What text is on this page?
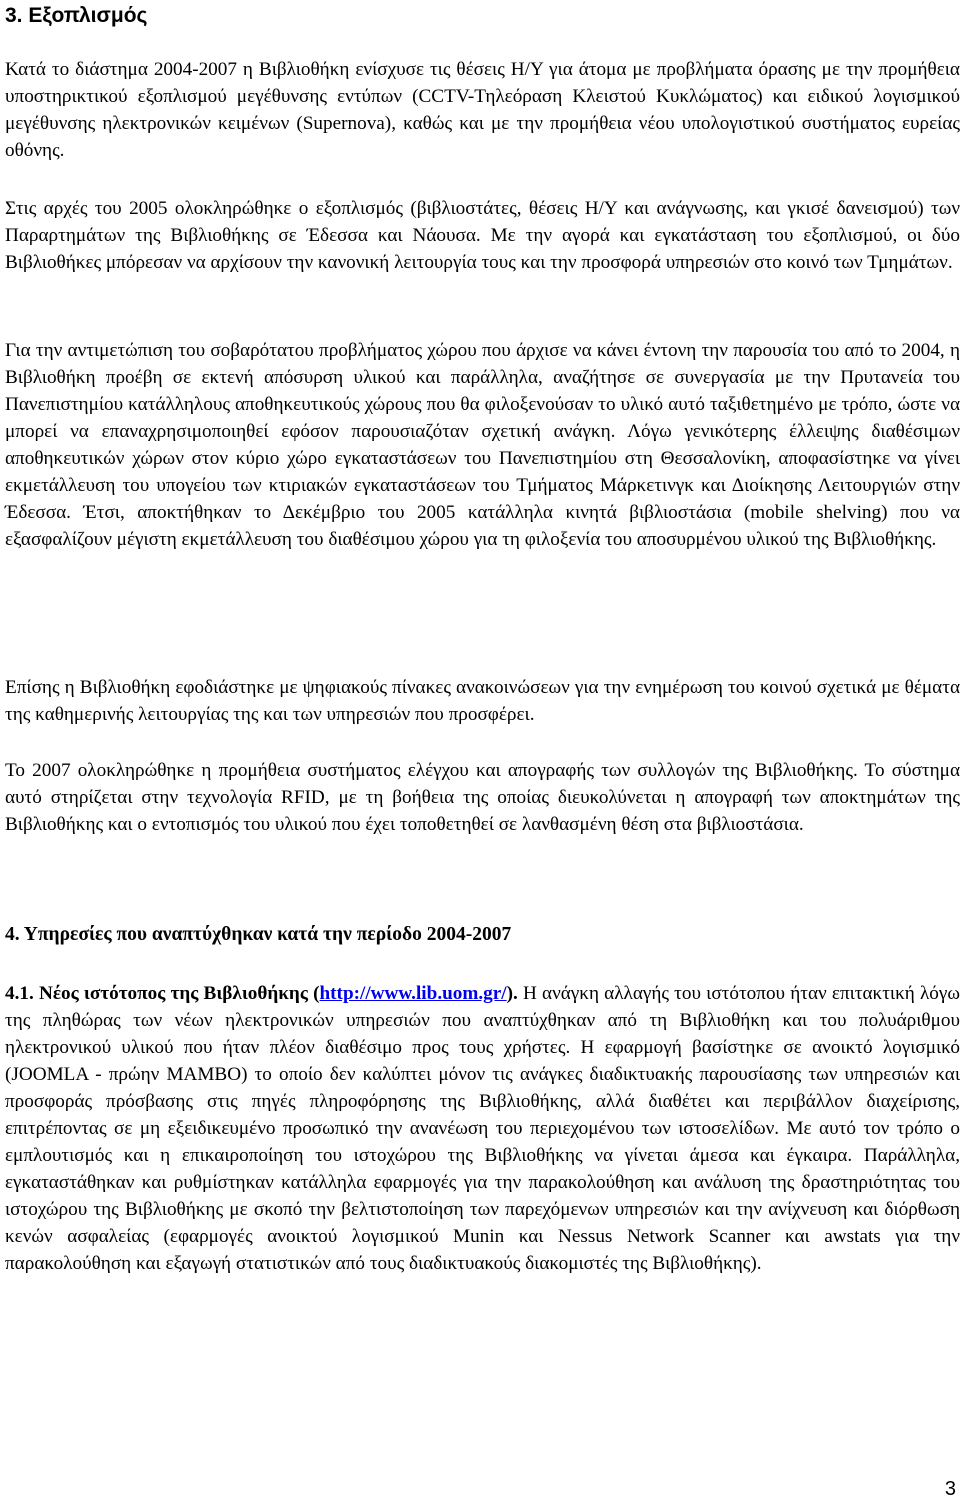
3. Εξοπλισμός

Κατά το διάστημα 2004-2007 η Βιβλιοθήκη ενίσχυσε τις θέσεις Η/Υ για άτομα με προβλήματα όρασης με την προμήθεια υποστηρικτικού εξοπλισμού μεγέθυνσης εντύπων (CCTV-Τηλεόραση Κλειστού Κυκλώματος) και ειδικού λογισμικού μεγέθυνσης ηλεκτρονικών κειμένων (Supernova), καθώς και με την προμήθεια νέου υπολογιστικού συστήματος ευρείας οθόνης.

Στις αρχές του 2005 ολοκληρώθηκε ο εξοπλισμός (βιβλιοστάτες, θέσεις Η/Υ και ανάγνωσης, και γκισέ δανεισμού) των Παραρτημάτων της Βιβλιοθήκης σε Έδεσσα και Νάουσα. Με την αγορά και εγκατάσταση του εξοπλισμού, οι δύο Βιβλιοθήκες μπόρεσαν να αρχίσουν την κανονική λειτουργία τους και την προσφορά υπηρεσιών στο κοινό των Τμημάτων.

Για την αντιμετώπιση του σοβαρότατου προβλήματος χώρου που άρχισε να κάνει έντονη την παρουσία του από το 2004, η Βιβλιοθήκη προέβη σε εκτενή απόσυρση υλικού και παράλληλα, αναζήτησε σε συνεργασία με την Πρυτανεία του Πανεπιστημίου κατάλληλους αποθηκευτικούς χώρους που θα φιλοξενούσαν το υλικό αυτό ταξιθετημένο με τρόπο, ώστε να μπορεί να επαναχρησιμοποιηθεί εφόσον παρουσιαζόταν σχετική ανάγκη. Λόγω γενικότερης έλλειψης διαθέσιμων αποθηκευτικών χώρων στον κύριο χώρο εγκαταστάσεων του Πανεπιστημίου στη Θεσσαλονίκη, αποφασίστηκε να γίνει εκμετάλλευση του υπογείου των κτιριακών εγκαταστάσεων του Τμήματος Μάρκετινγκ και Διοίκησης Λειτουργιών στην Έδεσσα. Έτσι, αποκτήθηκαν το Δεκέμβριο του 2005 κατάλληλα κινητά βιβλιοστάσια (mobile shelving) που να εξασφαλίζουν μέγιστη εκμετάλλευση του διαθέσιμου χώρου για τη φιλοξενία του αποσυρμένου υλικού της Βιβλιοθήκης.

Επίσης η Βιβλιοθήκη εφοδιάστηκε με ψηφιακούς πίνακες ανακοινώσεων για την ενημέρωση του κοινού σχετικά με θέματα της καθημερινής λειτουργίας της και των υπηρεσιών που προσφέρει.

Το 2007 ολοκληρώθηκε η προμήθεια συστήματος ελέγχου και απογραφής των συλλογών της Βιβλιοθήκης. Το σύστημα αυτό στηρίζεται στην τεχνολογία RFID, με τη βοήθεια της οποίας διευκολύνεται η απογραφή των αποκτημάτων της Βιβλιοθήκης και ο εντοπισμός του υλικού που έχει τοποθετηθεί σε λανθασμένη θέση στα βιβλιοστάσια.

4. Υπηρεσίες που αναπτύχθηκαν κατά την περίοδο 2004-2007

4.1. Νέος ιστότοπος της Βιβλιοθήκης (http://www.lib.uom.gr/). Η ανάγκη αλλαγής του ιστότοπου ήταν επιτακτική λόγω της πληθώρας των νέων ηλεκτρονικών υπηρεσιών που αναπτύχθηκαν από τη Βιβλιοθήκη και του πολυάριθμου ηλεκτρονικού υλικού που ήταν πλέον διαθέσιμο προς τους χρήστες. Η εφαρμογή βασίστηκε σε ανοικτό λογισμικό (JOOMLA - πρώην MAMBO) το οποίο δεν καλύπτει μόνον τις ανάγκες διαδικτυακής παρουσίασης των υπηρεσιών και προσφοράς πρόσβασης στις πηγές πληροφόρησης της Βιβλιοθήκης, αλλά διαθέτει και περιβάλλον διαχείρισης, επιτρέποντας σε μη εξειδικευμένο προσωπικό την ανανέωση του περιεχομένου των ιστοσελίδων. Με αυτό τον τρόπο ο εμπλουτισμός και η επικαιροποίηση του ιστοχώρου της Βιβλιοθήκης να γίνεται άμεσα και έγκαιρα. Παράλληλα, εγκαταστάθηκαν και ρυθμίστηκαν κατάλληλα εφαρμογές για την παρακολούθηση και ανάλυση της δραστηριότητας του ιστοχώρου της Βιβλιοθήκης με σκοπό την βελτιστοποίηση των παρεχόμενων υπηρεσιών και την ανίχνευση και διόρθωση κενών ασφαλείας (εφαρμογές ανοικτού λογισμικού Munin και Nessus Network Scanner και awstats για την παρακολούθηση και εξαγωγή στατιστικών από τους διαδικτυακούς διακομιστές της Βιβλιοθήκης).

3
